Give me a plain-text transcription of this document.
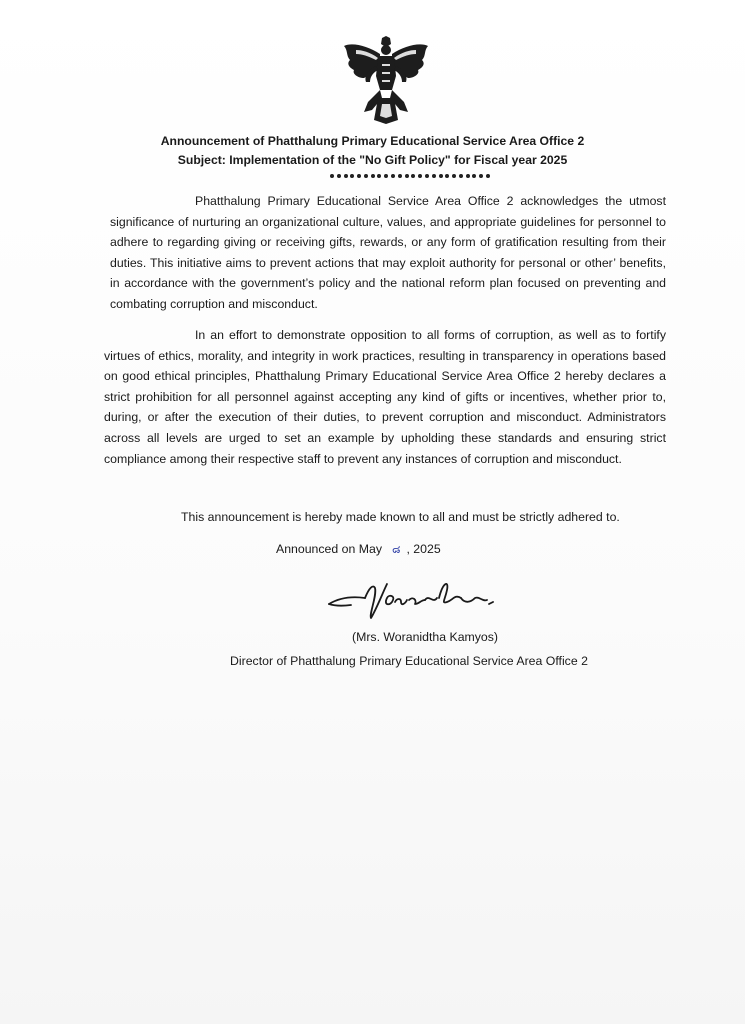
Announcement of Phatthalung Primary Educational Service Area Office 2
Subject: Implementation of the "No Gift Policy" for Fiscal year 2025

Phatthalung Primary Educational Service Area Office 2 acknowledges the utmost significance of nurturing an organizational culture, values, and appropriate guidelines for personnel to adhere to regarding giving or receiving gifts, rewards, or any form of gratification resulting from their duties. This initiative aims to prevent actions that may exploit authority for personal or other’ benefits, in accordance with the government’s policy and the national reform plan focused on preventing and combating corruption and misconduct.

In an effort to demonstrate opposition to all forms of corruption, as well as to fortify virtues of ethics, morality, and integrity in work practices, resulting in transparency in operations based on good ethical principles, Phatthalung Primary Educational Service Area Office 2 hereby declares a strict prohibition for all personnel against accepting any kind of gifts or incentives, whether prior to, during, or after the execution of their duties, to prevent corruption and misconduct. Administrators across all levels are urged to set an example by upholding these standards and ensuring strict compliance among their respective staff to prevent any instances of corruption and misconduct.

This announcement is hereby made known to all and must be strictly adhered to.
Announced on May ๘ , 2025
(Mrs. Woranidtha Kamyos)
Director of Phatthalung Primary Educational Service Area Office 2
